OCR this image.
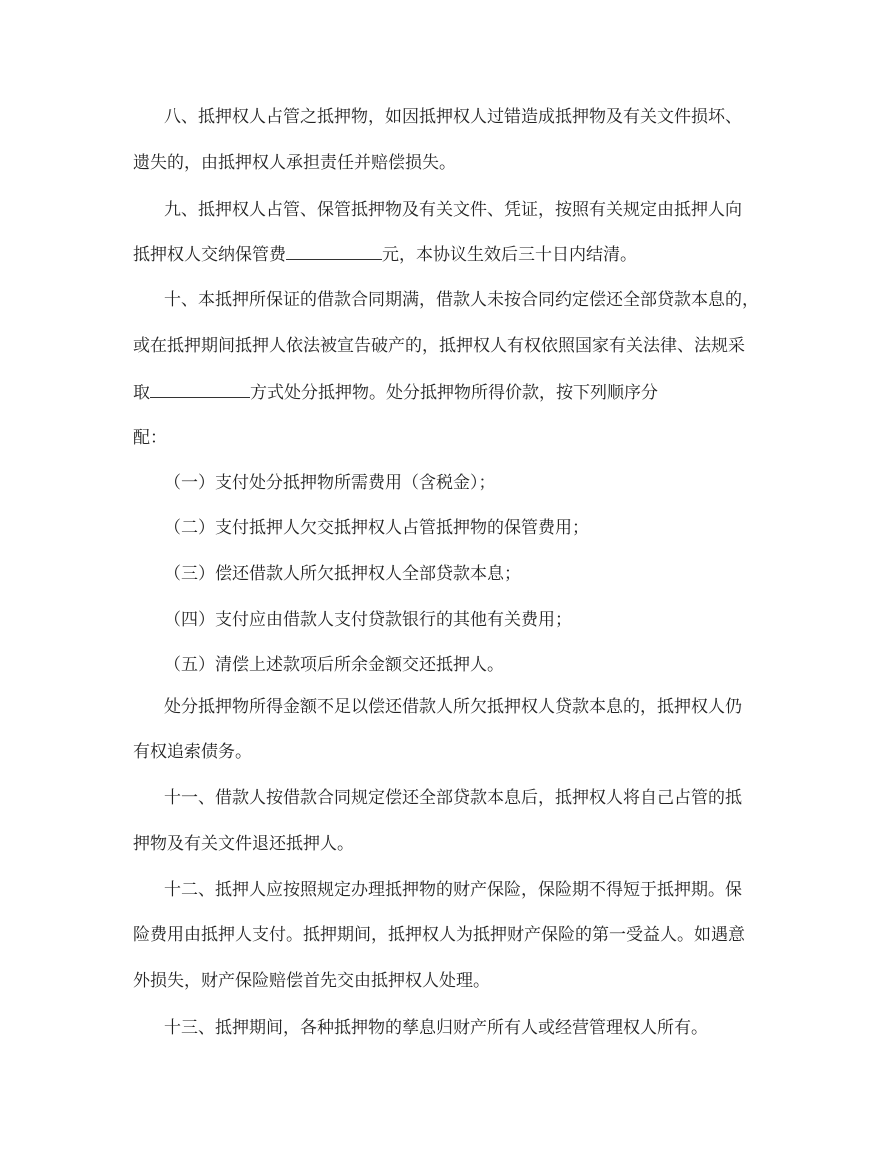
八、抵押权人占管之抵押物，如因抵押权人过错造成抵押物及有关文件损坏、
遗失的，由抵押权人承担责任并赔偿损失。
九、抵押权人占管、保管抵押物及有关文件、凭证，按照有关规定由抵押人向
抵押权人交纳保管费	元，本协议生效后三十日内结清。
十、本抵押所保证的借款合同期满，借款人未按合同约定偿还全部贷款本息的，
或在抵押期间抵押人依法被宣告破产的，抵押权人有权依照国家有关法律、法规采
取	方式处分抵押物。处分抵押物所得价款，按下列顺序分
配：
（一）支付处分抵押物所需费用（含税金）；
（二）支付抵押人欠交抵押权人占管抵押物的保管费用；
（三）偿还借款人所欠抵押权人全部贷款本息；
（四）支付应由借款人支付贷款银行的其他有关费用；
（五）清偿上述款项后所余金额交还抵押人。
处分抵押物所得金额不足以偿还借款人所欠抵押权人贷款本息的，抵押权人仍
有权追索债务。
十一、借款人按借款合同规定偿还全部贷款本息后，抵押权人将自己占管的抵
押物及有关文件退还抵押人。
十二、抵押人应按照规定办理抵押物的财产保险，保险期不得短于抵押期。保
险费用由抵押人支付。抵押期间，抵押权人为抵押财产保险的第一受益人。如遇意
外损失，财产保险赔偿首先交由抵押权人处理。
十三、抵押期间，各种抵押物的孳息归财产所有人或经营管理权人所有。
